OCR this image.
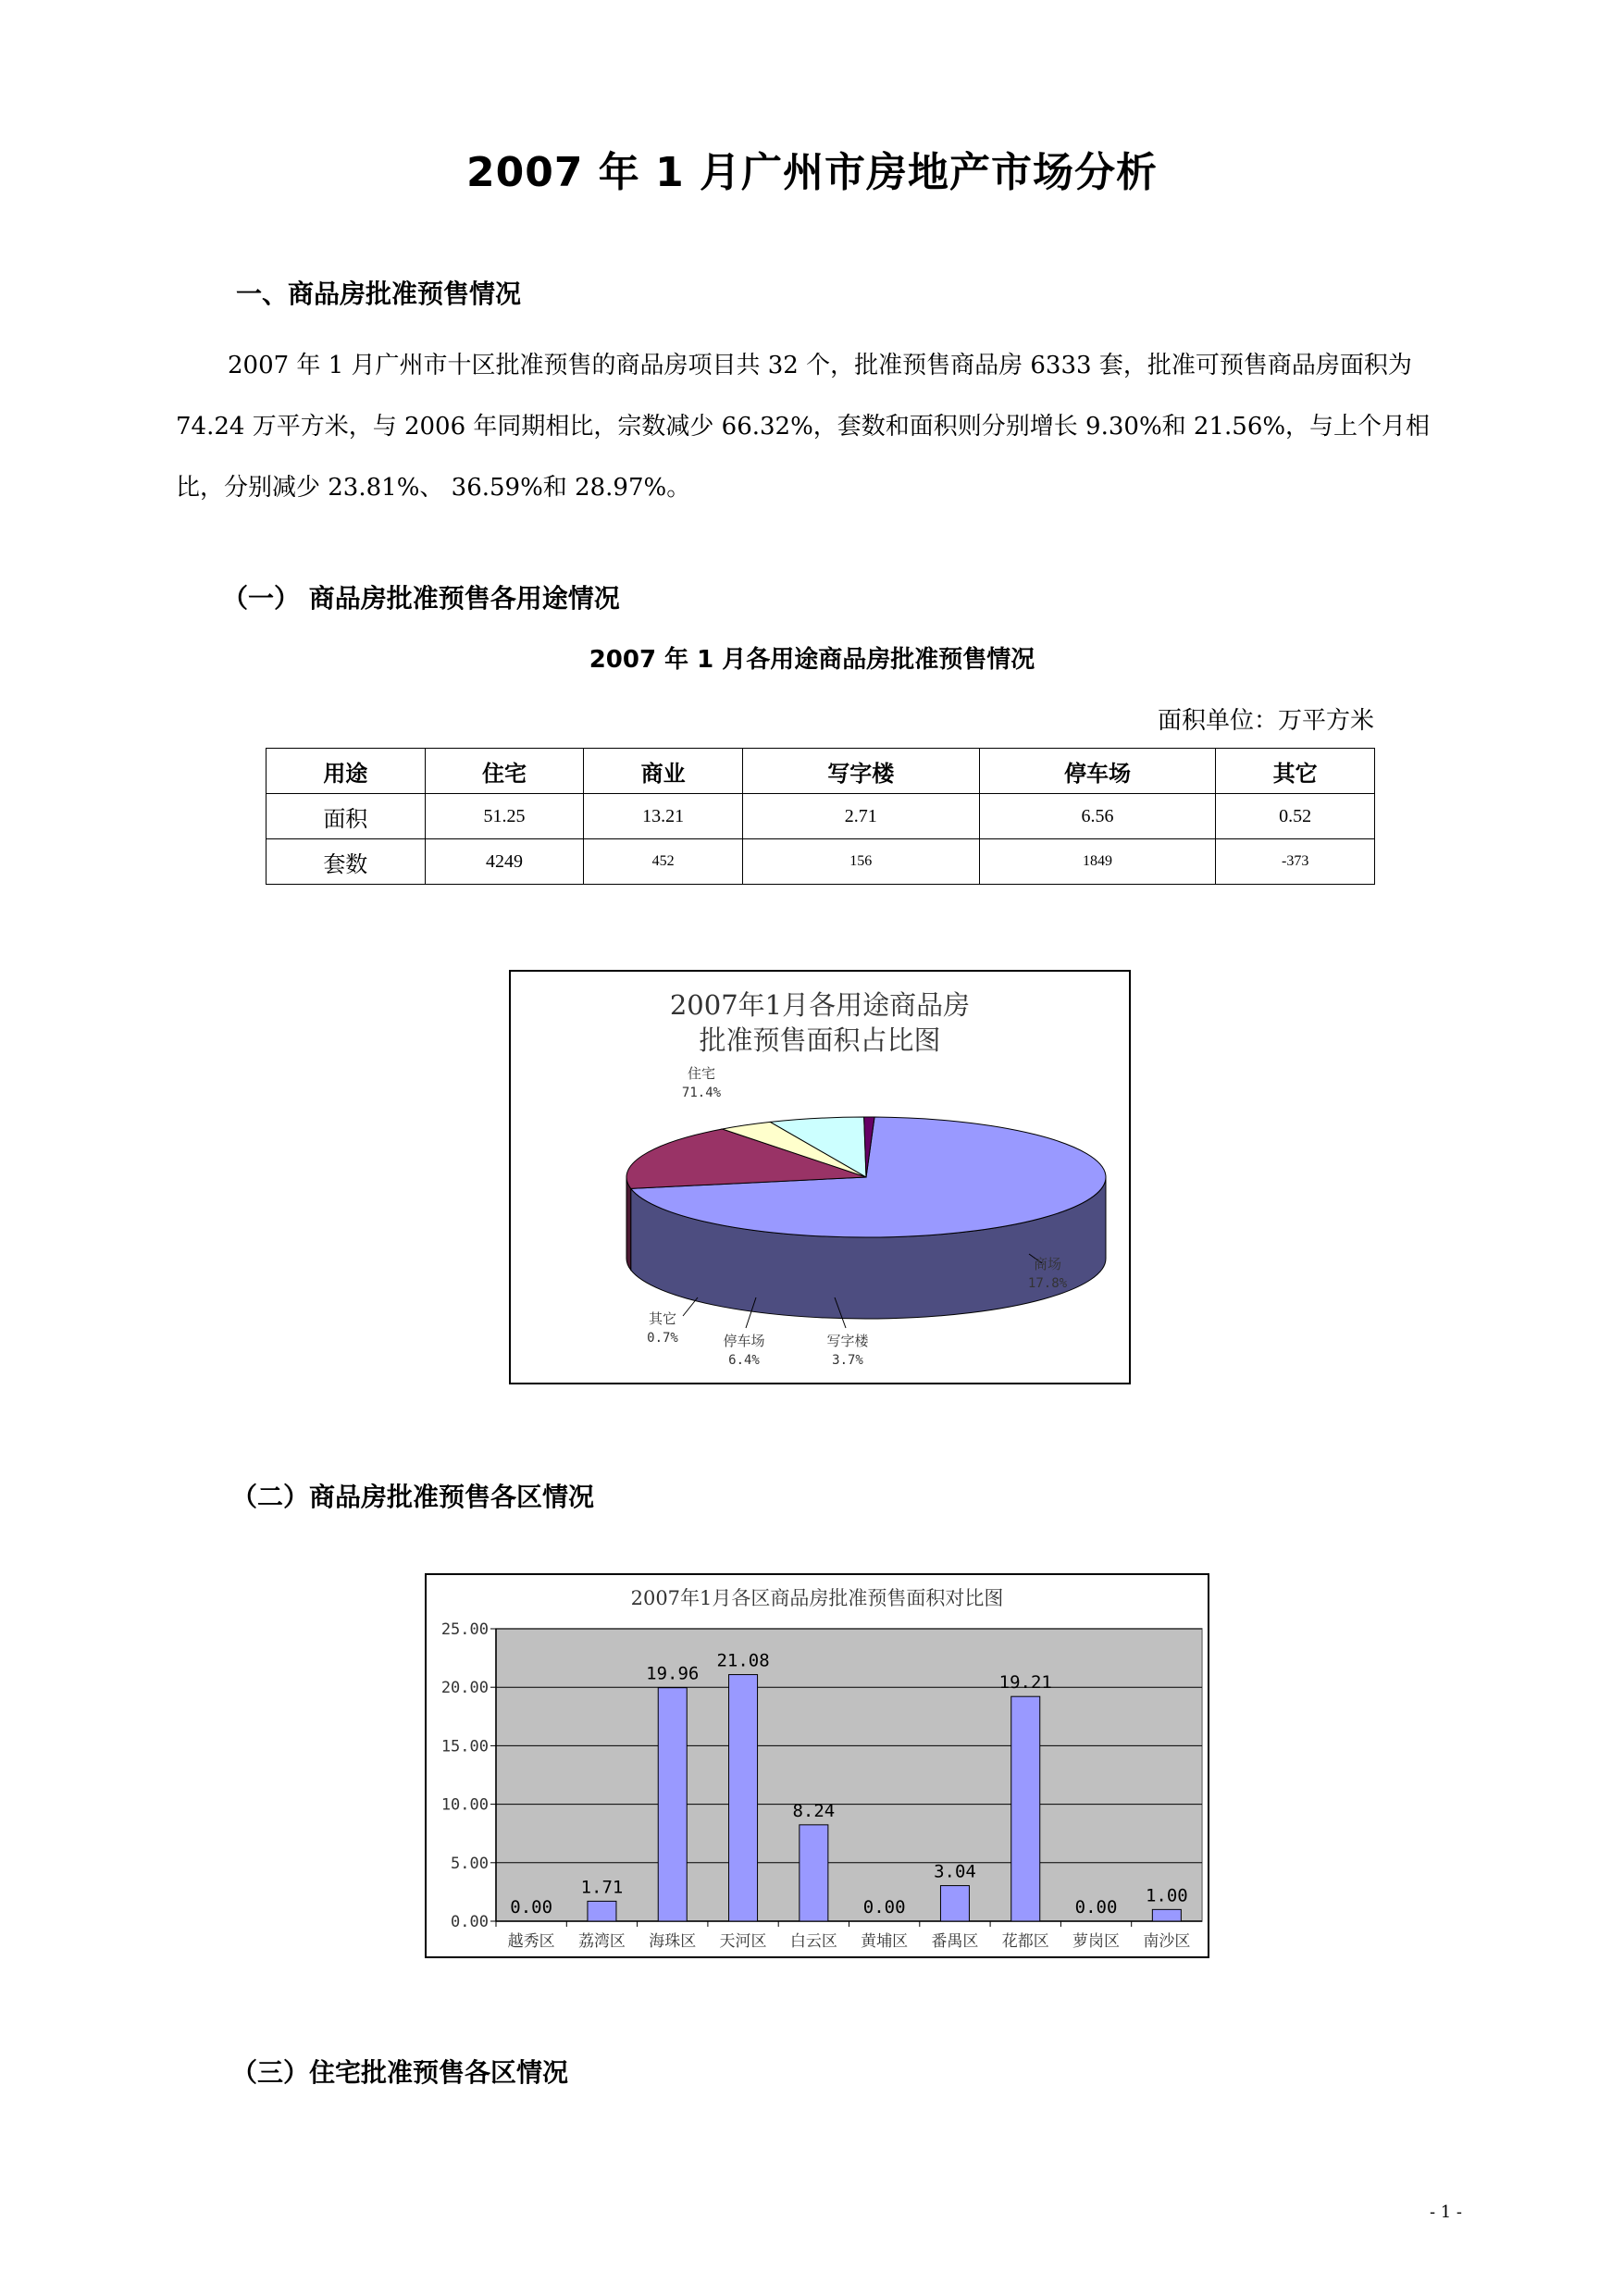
2007 年 1 月广州市房地产市场分析
一、商品房批准预售情况

2007 年 1 月广州市十区批准预售的商品房项目共 32 个，批准预售商品房 6333 套，批准可预售商品房面积为 74.24 万平方米，与 2006 年同期相比，宗数减少 66.32%，套数和面积则分别增长 9.30%和 21.56%，与上个月相比，分别减少 23.81%、 36.59%和 28.97%。

（一） 商品房批准预售各用途情况
2007 年 1 月各用途商品房批准预售情况
面积单位：万平方米
用途	住宅	商业	写字楼	停车场	其它
面积	51.25	13.21	2.71	6.56	0.52
套数	4249	452	156	1849	-373
2007年1月各用途商品房
批准预售面积占比图
住宅
71.4%
商场
17.8%
写字楼
3.7%
停车场
6.4%
其它
0.7%
（二）商品房批准预售各区情况
2007年1月各区商品房批准预售面积对比图
0.00
5.00
10.00
15.00
20.00
25.00
0.00
越秀区
1.71
荔湾区
19.96
海珠区
21.08
天河区
8.24
白云区
0.00
黄埔区
3.04
番禺区
19.21
花都区
0.00
萝岗区
1.00
南沙区
（三）住宅批准预售各区情况
- 1 -
